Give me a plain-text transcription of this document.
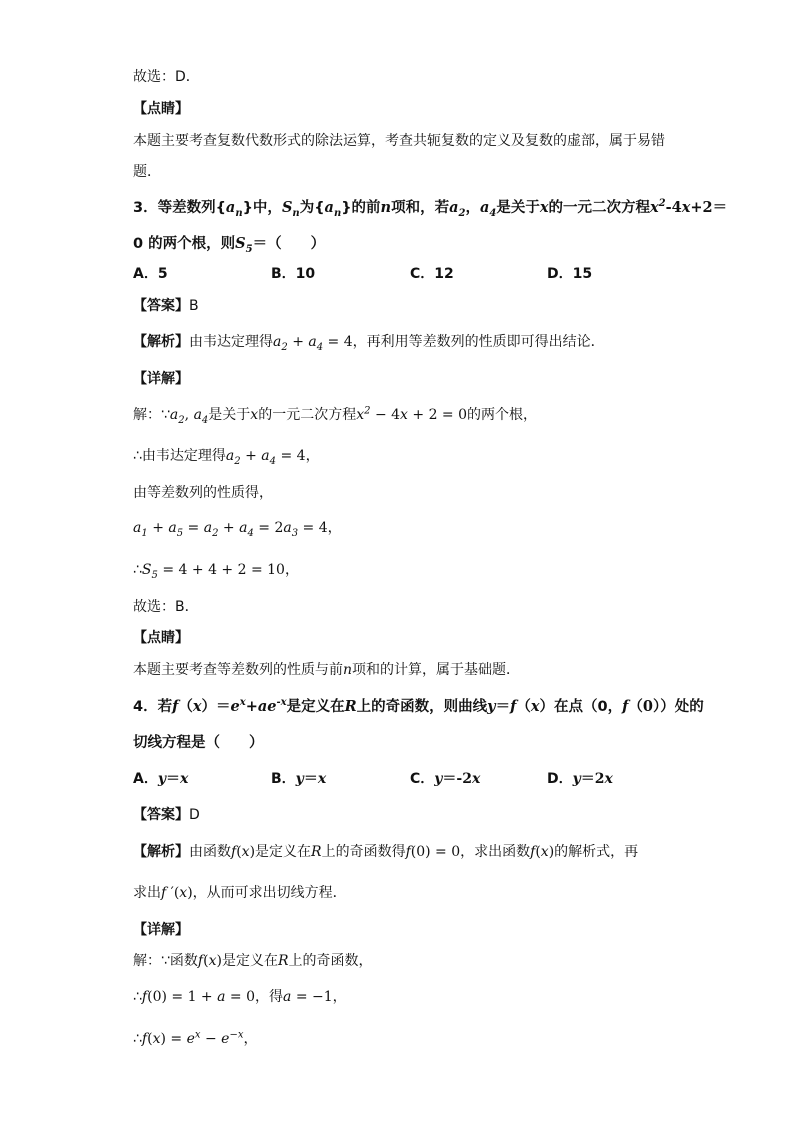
故选：D．
【点睛】
本题主要考查复数代数形式的除法运算，考查共轭复数的定义及复数的虚部，属于易错
题．
3．等差数列$\{a_n\}$中，$S_n$为$\{a_n\}$的前n项和，若$a_2$，$a_4$是关于x的一元二次方程$x^2-4x+2=$
0 的两个根，则$S_5=$（　　）
A．5	B．10	C．12	D．15
【答案】B
【解析】由韦达定理得$a_2 + a_4 = 4$，再利用等差数列的性质即可得出结论．
【详解】
解：$\because a_2$, $a_4$是关于x的一元二次方程$x^2 - 4x + 2 = 0$的两个根，
∴由韦达定理得$a_2 + a_4 = 4$，
由等差数列的性质得，
$a_1 + a_5 = a_2 + a_4 = 2a_3 = 4$，
$\therefore S_5 = 4 + 4 + 2 = 10$，
故选：B．
【点睛】
本题主要考查等差数列的性质与前n项和的计算，属于基础题．
4．若$f(x)=e^x+ae^{-x}$是定义在R上的奇函数，则曲线y＝f（x）在点（0，f（0））处的
切线方程是（　　）
A．y＝x	B．y＝x	C．y＝-2x	D．y＝2x
【答案】D
【解析】由函数f(x)是定义在R上的奇函数得f(0) = 0，求出函数f(x)的解析式，再
求出f ′(x)，从而可求出切线方程．
【详解】
解：∵函数f(x)是定义在R上的奇函数，
∴f(0) = 1 + a = 0，得a = −1，
∴f(x) = $e^x - e^{-x}$，
